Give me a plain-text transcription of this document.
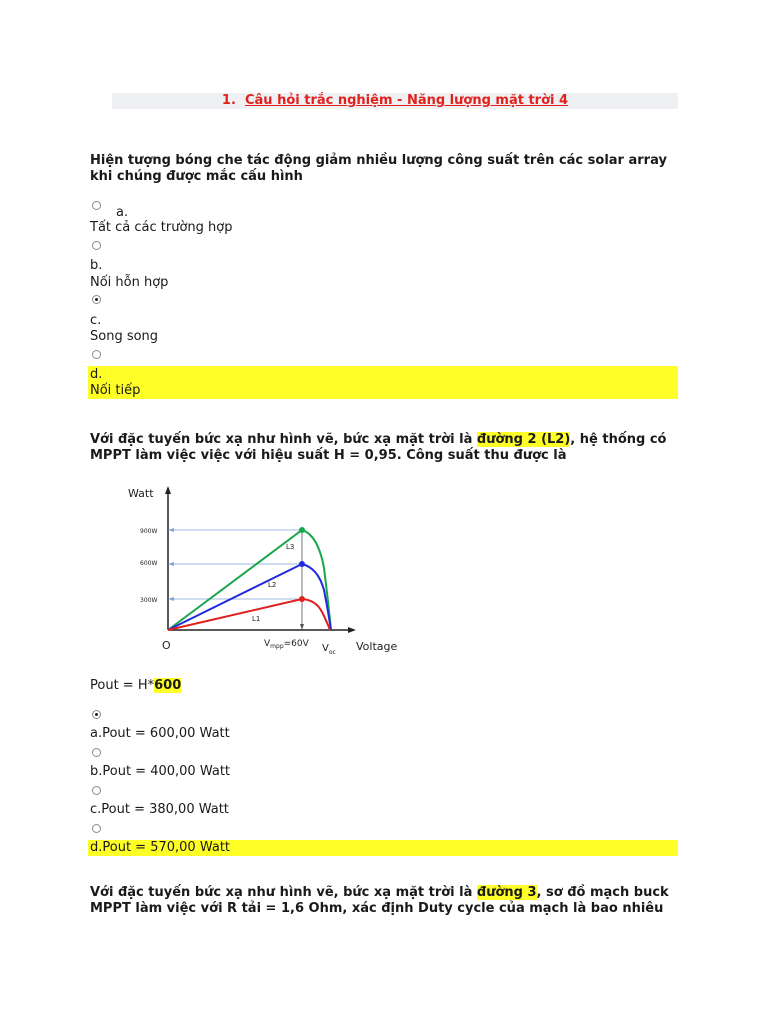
1. Câu hỏi trắc nghiệm - Năng lượng mặt trời 4
Hiện tượng bóng che tác động giảm nhiều lượng công suất trên các solar array khi chúng được mắc cấu hình
a.
Tất cả các trường hợp
b.
Nối hỗn hợp
c.
Song song
d.
Nối tiếp
Với đặc tuyến bức xạ như hình vẽ, bức xạ mặt trời là đường 2 (L2), hệ thống có MPPT làm việc việc với hiệu suất H = 0,95. Công suất thu được là
Watt
Voltage
O
900W
600W
300W
L3
L2
L1
$V_{mpp}=60V$ $V_{oc}$
Pout = H*600
a.Pout = 600,00 Watt
b.Pout = 400,00 Watt
c.Pout = 380,00 Watt
d.Pout = 570,00 Watt
Với đặc tuyến bức xạ như hình vẽ, bức xạ mặt trời là đường 3, sơ đồ mạch buck MPPT làm việc với R tải = 1,6 Ohm, xác định Duty cycle của mạch là bao nhiêu
